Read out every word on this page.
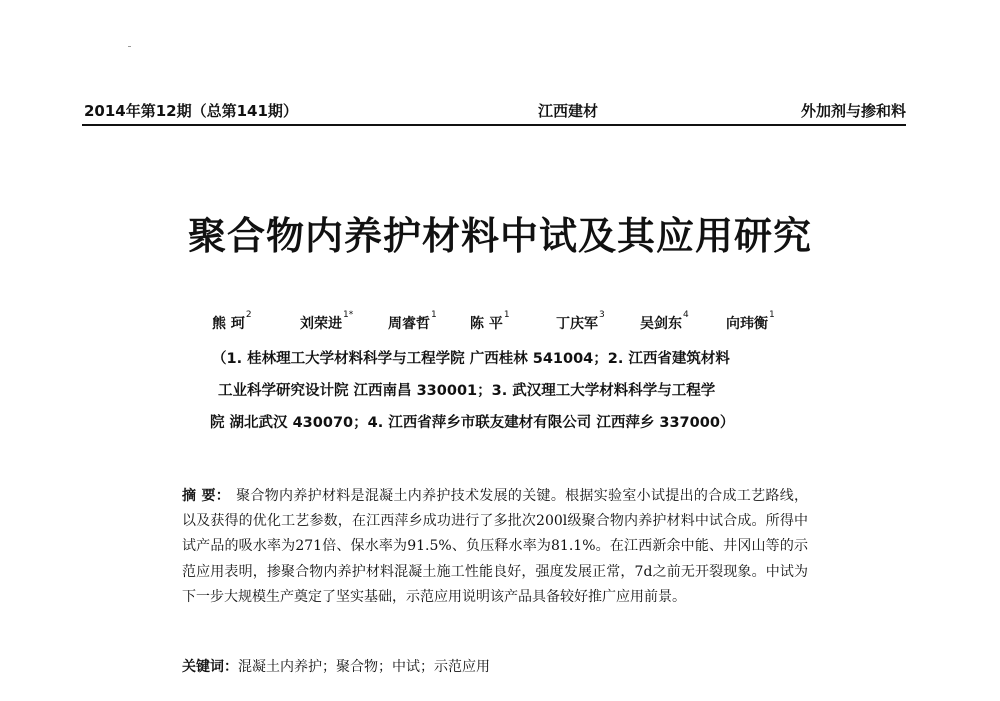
2014年第12期（总第141期）	江西建材	外加剂与掺和料
聚合物内养护材料中试及其应用研究
熊 珂$^2$
刘荣进$^{1*}$
周睿哲$^1$
陈 平$^1$
丁庆军$^3$
吴剑东$^4$
向玮衡$^1$
（1. 桂林理工大学材料科学与工程学院 广西桂林 541004；2. 江西省建筑材料
工业科学研究设计院 江西南昌 330001；3. 武汉理工大学材料科学与工程学
院 湖北武汉 430070；4. 江西省萍乡市联友建材有限公司 江西萍乡 337000）
摘 要： 聚合物内养护材料是混凝土内养护技术发展的关键。根据实验室小试提出的合成工艺路线，以及获得的优化工艺参数，在江西萍乡成功进行了多批次200l级聚合物内养护材料中试合成。所得中试产品的吸水率为271倍、保水率为91.5%、负压释水率为81.1%。在江西新余中能、井冈山等的示范应用表明，掺聚合物内养护材料混凝土施工性能良好，强度发展正常，7d之前无开裂现象。中试为下一步大规模生产奠定了坚实基础，示范应用说明该产品具备较好推广应用前景。
关键词：混凝土内养护；聚合物；中试；示范应用
